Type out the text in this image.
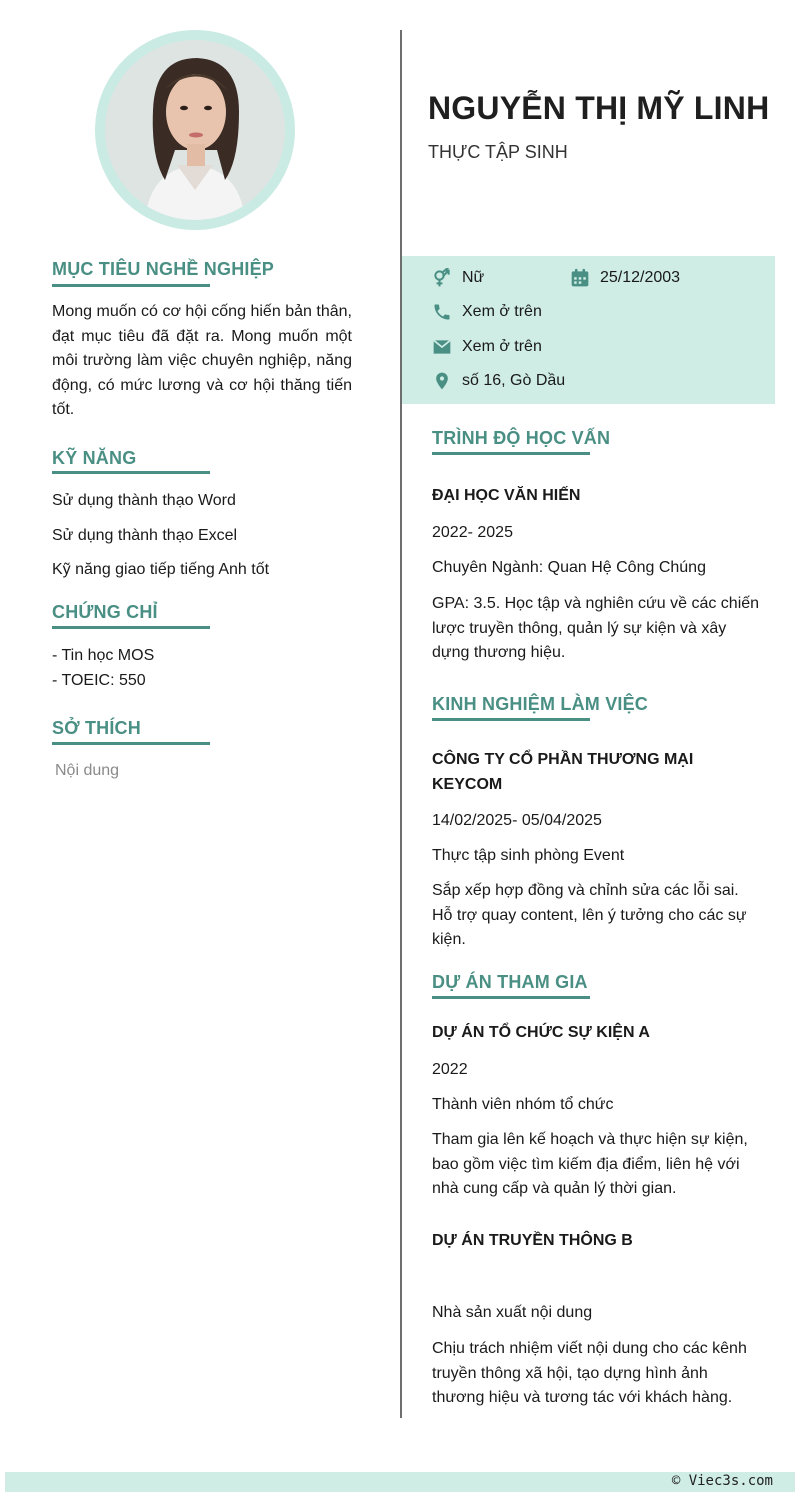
MỤC TIÊU NGHỀ NGHIỆP
Mong muốn có cơ hội cống hiến bản thân, đạt mục tiêu đã đặt ra. Mong muốn một môi trường làm việc chuyên nghiệp, năng động, có mức lương và cơ hội thăng tiến tốt.
KỸ NĂNG
Sử dụng thành thạo Word
Sử dụng thành thạo Excel
Kỹ năng giao tiếp tiếng Anh tốt
CHỨNG CHỈ
- Tin học MOS
- TOEIC: 550
SỞ THÍCH
Nội dung
NGUYỄN THỊ MỸ LINH
THỰC TẬP SINH
Nữ	25/12/2003
Xem ở trên
Xem ở trên
số 16, Gò Dầu
TRÌNH ĐỘ HỌC VẤN
ĐẠI HỌC VĂN HIẾN
2022- 2025
Chuyên Ngành: Quan Hệ Công Chúng
GPA: 3.5. Học tập và nghiên cứu về các chiến lược truyền thông, quản lý sự kiện và xây dựng thương hiệu.
KINH NGHIỆM LÀM VIỆC
CÔNG TY CỔ PHẦN THƯƠNG MẠI KEYCOM
14/02/2025- 05/04/2025
Thực tập sinh phòng Event
Sắp xếp hợp đồng và chỉnh sửa các lỗi sai. Hỗ trợ quay content, lên ý tưởng cho các sự kiện.
DỰ ÁN THAM GIA
DỰ ÁN TỔ CHỨC SỰ KIỆN A
2022
Thành viên nhóm tổ chức
Tham gia lên kế hoạch và thực hiện sự kiện, bao gồm việc tìm kiếm địa điểm, liên hệ với nhà cung cấp và quản lý thời gian.
DỰ ÁN TRUYỀN THÔNG B
Nhà sản xuất nội dung
Chịu trách nhiệm viết nội dung cho các kênh truyền thông xã hội, tạo dựng hình ảnh thương hiệu và tương tác với khách hàng.
© Viec3s.com
